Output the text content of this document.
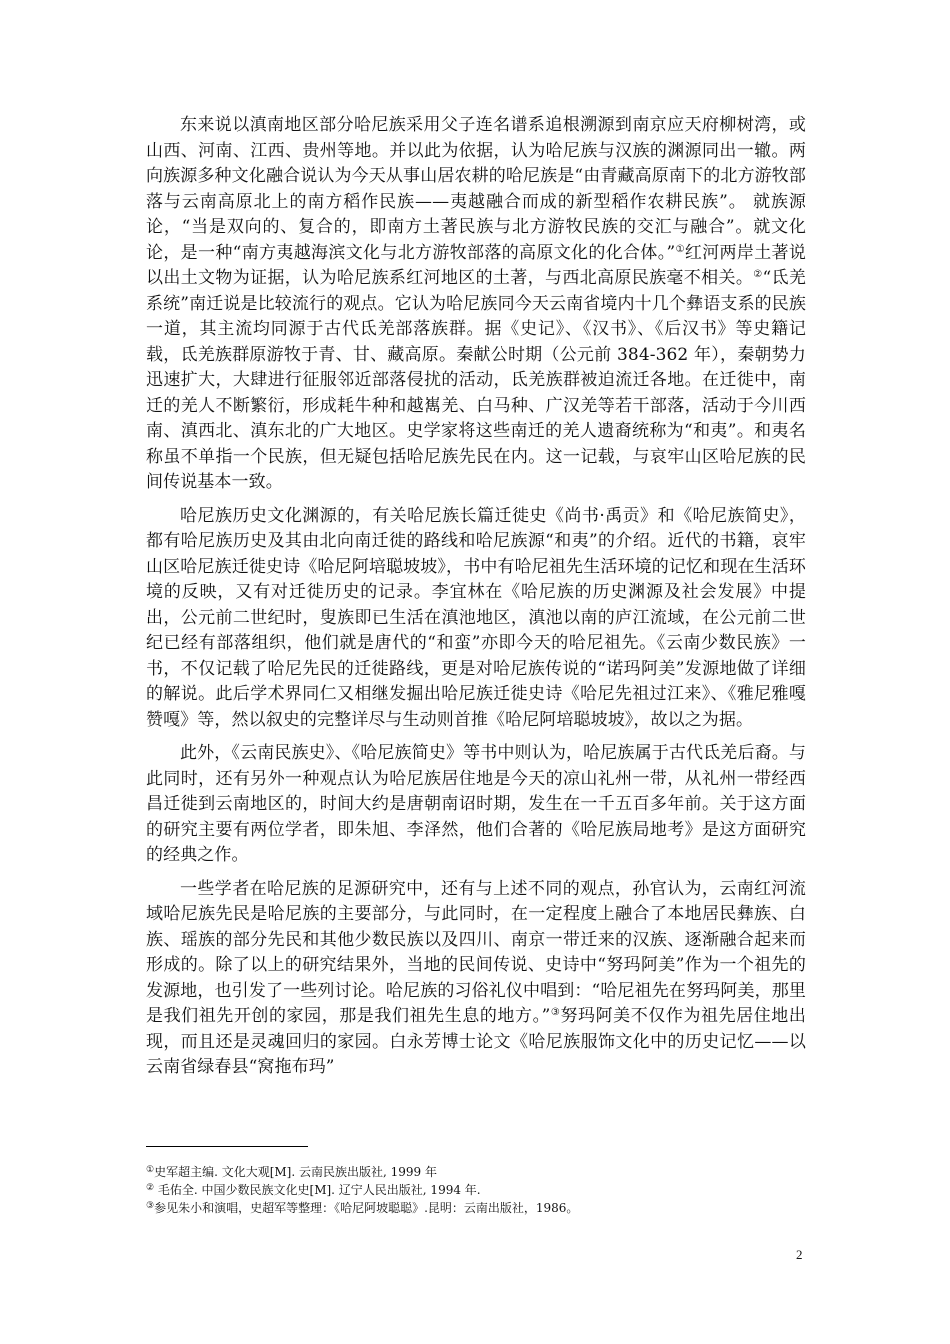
东来说以滇南地区部分哈尼族采用父子连名谱系追根溯源到南京应天府柳树湾，或山西、河南、江西、贵州等地。并以此为依据，认为哈尼族与汉族的渊源同出一辙。两向族源多种文化融合说认为今天从事山居农耕的哈尼族是“由青藏高原南下的北方游牧部落与云南高原北上的南方稻作民族——夷越融合而成的新型稻作农耕民族”。 就族源论，“当是双向的、复合的，即南方土著民族与北方游牧民族的交汇与融合”。就文化论，是一种“南方夷越海滨文化与北方游牧部落的高原文化的化合体。”①红河两岸土著说以出土文物为证据，认为哈尼族系红河地区的土著，与西北高原民族毫不相关。②“氐羌系统”南迁说是比较流行的观点。它认为哈尼族同今天云南省境内十几个彝语支系的民族一道，其主流均同源于古代氐羌部落族群。据《史记》、《汉书》、《后汉书》等史籍记载，氐羌族群原游牧于青、甘、藏高原。秦献公时期（公元前 384-362 年），秦朝势力迅速扩大，大肆进行征服邻近部落侵扰的活动，氐羌族群被迫流迁各地。在迁徙中，南迁的羌人不断繁衍，形成耗牛种和越嶲羌、白马种、广汉羌等若干部落，活动于今川西南、滇西北、滇东北的广大地区。史学家将这些南迁的羌人遗裔统称为“和夷”。和夷名称虽不单指一个民族，但无疑包括哈尼族先民在内。这一记载，与哀牢山区哈尼族的民间传说基本一致。

哈尼族历史文化渊源的，有关哈尼族长篇迁徙史《尚书·禹贡》和《哈尼族简史》，都有哈尼族历史及其由北向南迁徙的路线和哈尼族源“和夷”的介绍。近代的书籍，哀牢山区哈尼族迁徙史诗《哈尼阿培聪坡坡》，书中有哈尼祖先生活环境的记忆和现在生活环境的反映，又有对迁徙历史的记录。李宜林在《哈尼族的历史渊源及社会发展》中提出，公元前二世纪时，叟族即已生活在滇池地区，滇池以南的庐江流域，在公元前二世纪已经有部落组织，他们就是唐代的“和蛮”亦即今天的哈尼祖先。《云南少数民族》一书，不仅记载了哈尼先民的迁徙路线，更是对哈尼族传说的“诺玛阿美”发源地做了详细的解说。此后学术界同仁又相继发掘出哈尼族迁徙史诗《哈尼先祖过江来》、《雅尼雅嘎赞嘎》等，然以叙史的完整详尽与生动则首推《哈尼阿培聪坡坡》，故以之为据。

此外，《云南民族史》、《哈尼族简史》等书中则认为，哈尼族属于古代氐羌后裔。与此同时，还有另外一种观点认为哈尼族居住地是今天的凉山礼州一带，从礼州一带经西昌迁徙到云南地区的，时间大约是唐朝南诏时期，发生在一千五百多年前。关于这方面的研究主要有两位学者，即朱旭、李泽然，他们合著的《哈尼族局地考》是这方面研究的经典之作。

一些学者在哈尼族的足源研究中，还有与上述不同的观点，孙官认为，云南红河流域哈尼族先民是哈尼族的主要部分，与此同时，在一定程度上融合了本地居民彝族、白族、瑶族的部分先民和其他少数民族以及四川、南京一带迁来的汉族、逐渐融合起来而形成的。除了以上的研究结果外，当地的民间传说、史诗中“努玛阿美”作为一个祖先的发源地，也引发了一些列讨论。哈尼族的习俗礼仪中唱到：“哈尼祖先在努玛阿美，那里是我们祖先开创的家园，那是我们祖先生息的地方。”③努玛阿美不仅作为祖先居住地出现，而且还是灵魂回归的家园。白永芳博士论文《哈尼族服饰文化中的历史记忆——以云南省绿春县“窝拖布玛”

①史军超主编. 文化大观[M]. 云南民族出版社, 1999 年

② 毛佑全. 中国少数民族文化史[M]. 辽宁人民出版社, 1994 年.

③参见朱小和演唱，史超军等整理：《哈尼阿坡聪聪》.昆明：云南出版社，1986。

2
